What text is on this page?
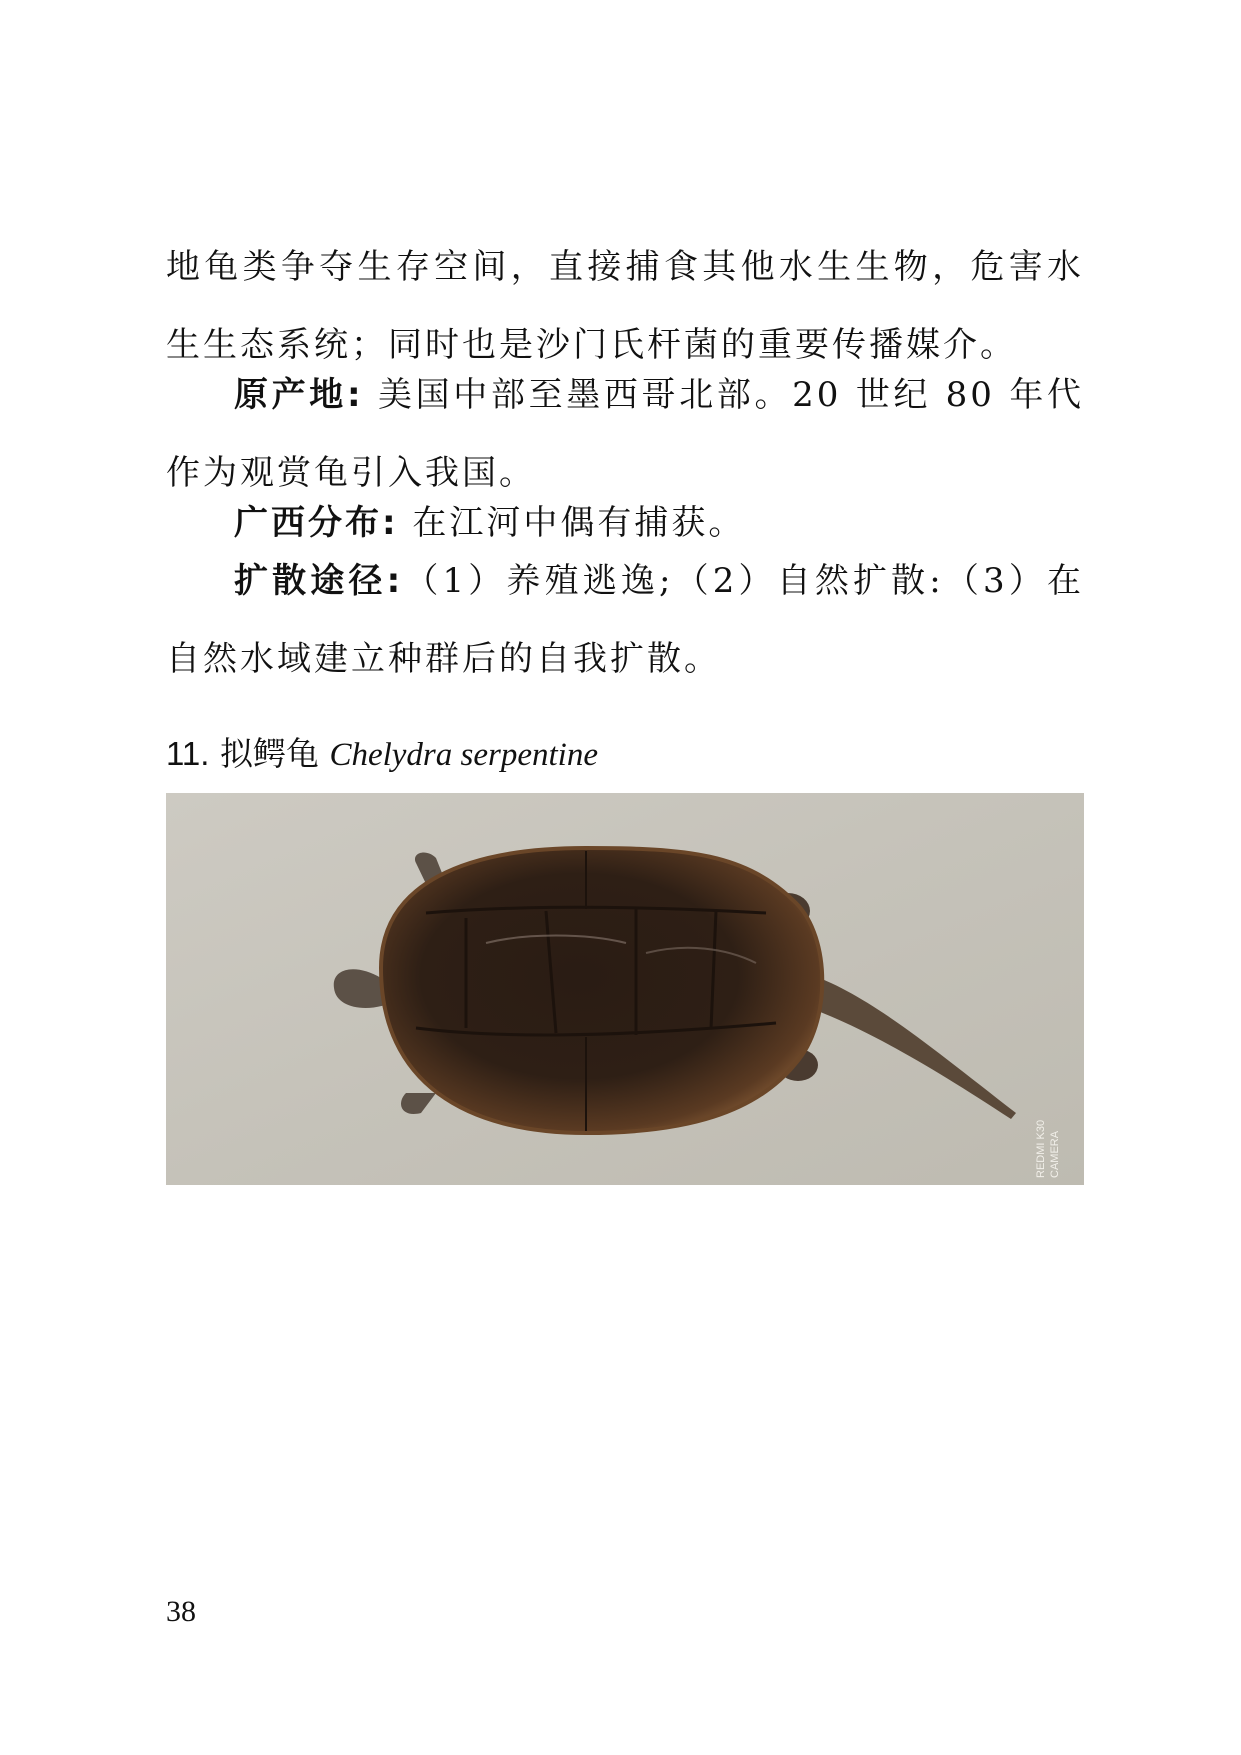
地龟类争夺生存空间，直接捕食其他水生生物，危害水生生态系统；同时也是沙门氏杆菌的重要传播媒介。

原产地: 美国中部至墨西哥北部。20 世纪 80 年代作为观赏龟引入我国。

广西分布: 在江河中偶有捕获。

扩散途径:（1）养殖逃逸;（2）自然扩散:（3）在自然水域建立种群后的自我扩散。

11. 拟鳄龟 Chelydra serpentine

REDMI K30 CAMERA

38
